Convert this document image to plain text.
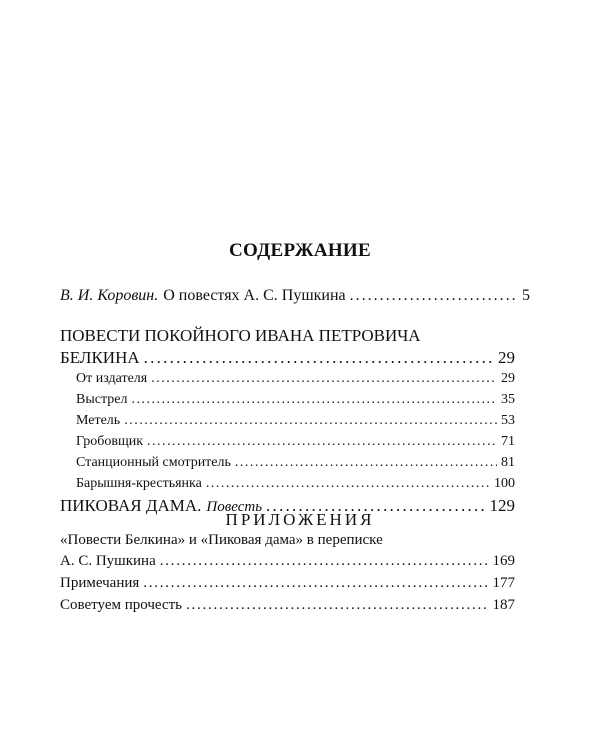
СОДЕРЖАНИЕ
В. И. Коровин. О повестях А. С. Пушкина . . .	5
ПОВЕСТИ ПОКОЙНОГО ИВАНА ПЕТРОВИЧА
БЕЛКИНА . . .	29
От издателя . . .	29
Выстрел . . .	35
Метель . . .	53
Гробовщик . . .	71
Станционный смотритель . . .	81
Барышня-крестьянка . . .	100
ПИКОВАЯ ДАМА. Повесть . . .	129
ПРИЛОЖЕНИЯ
«Повести Белкина» и «Пиковая дама» в переписке
А. С. Пушкина . . .	169
Примечания . . .	177
Советуем прочесть . . .	187
